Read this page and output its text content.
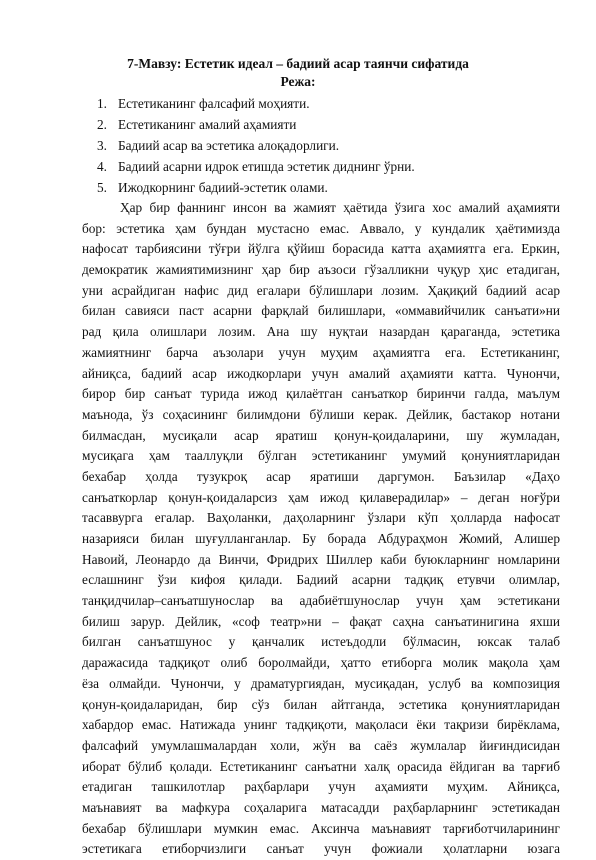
7-Мавзу: Естетик идеал – бадиий асар таянчи сифатида
Режа:
1. Естетиканинг фалсафий моҳияти.
2. Естетиканинг амалий аҳамияти
3. Бадиий асар ва эстетика алоқадорлиги.
4. Бадиий асарни идрок етишда эстетик диднинг ўрни.
5. Ижодкорнинг бадиий-эстетик олами.
Ҳар бир фаннинг инсон ва жамият ҳаётида ўзига хос амалий аҳамияти
бор: эстетика ҳам бундан мустасно емас. Аввало, у кундалик ҳаётимизда
нафосат тарбиясини тўғри йўлга қўйиш борасида катта аҳамиятга ега. Еркин,
демократик жамиятимизнинг ҳар бир аъзоси гўзалликни чуқур ҳис етадиган,
уни асрайдиган нафис дид егалари бўлишлари лозим. Ҳақиқий бадиий асар
билан савияси паст асарни фарқлай билишлари, «оммавийчилик санъати»ни
рад қила олишлари лозим. Ана шу нуқтаи назардан қараганда, эстетика
жамиятнинг барча аъзолари учун муҳим аҳамиятга ега. Естетиканинг,
айниқса, бадиий асар ижодкорлари учун амалий аҳамияти катта. Чунончи,
бирор бир санъат турида ижод қилаётган санъаткор биринчи галда, маълум
маънода, ўз соҳасининг билимдони бўлиши керак. Дейлик, бастакор нотани
билмасдан, мусиқали асар яратиш қонун-қоидаларини, шу жумладан,
мусиқага ҳам тааллуқли бўлган эстетиканинг умумий қонуниятларидан
бехабар ҳолда тузукроқ асар яратиши даргумон. Баъзилар «Даҳо
санъаткорлар қонун-қоидаларсиз ҳам ижод қилаверадилар» – деган ноғўри
тасаввурга егалар. Ваҳоланки, даҳоларнинг ўзлари кўп ҳолларда нафосат
назарияси билан шуғулланганлар. Бу борада Абдураҳмон Жомий, Алишер
Навоий, Леонардо да Винчи, Фридрих Шиллер каби буюкларнинг номларини
еслашнинг ўзи кифоя қилади. Бадиий асарни тадқиқ етувчи олимлар,
танқидчилар–санъатшунослар ва адабиётшунослар учун ҳам эстетикани
билиш зарур. Дейлик, «соф театр»ни – фақат саҳна санъатинигина яхши
билган санъатшунос у қанчалик истеъдодли бўлмасин, юксак талаб
даражасида тадқиқот олиб боролмайди, ҳатто етиборга молик мақола ҳам
ёза олмайди. Чунончи, у драматургиядан, мусиқадан, услуб ва композиция
қонун-қоидаларидан, бир сўз билан айтганда, эстетика қонуниятларидан
хабардор емас. Натижада унинг тадқиқоти, мақоласи ёки тақризи бирёклама,
фалсафий умумлашмалардан холи, жўн ва саёз жумлалар йиғиндисидан
иборат бўлиб қолади. Естетиканинг санъатни халқ орасида ёйдиган ва тарғиб
етадиган ташкилотлар раҳбарлари учун аҳамияти муҳим. Айниқса,
маънавият ва мафкура соҳаларига матасадди раҳбарларнинг эстетикадан
бехабар бўлишлари мумкин емас. Аксинча маънавият тарғиботчиларининг
эстетикага етиборчизлиги санъат учун фожиали ҳолатларни юзага
